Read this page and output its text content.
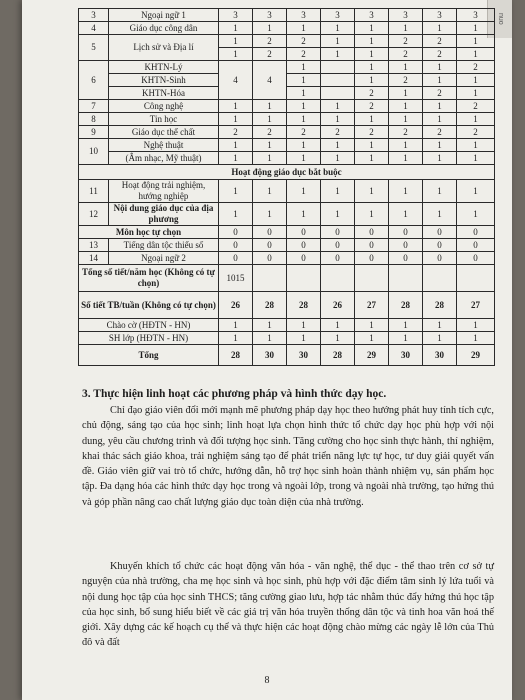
nuo
3	Ngoại ngữ 1	3	3	3	3	3	3	3	3
4	Giáo dục công dân	1	1	1	1	1	1	1	1
5	Lịch sử và Địa lí	1	2	2	1	1	2	2	1
		1	2	2	1	1	2	2	1
6	KHTN-Lý	4	4	1		1	1	1	2
	KHTN-Sinh			1		1	2	1	1
	KHTN-Hóa			1		2	1	2	1
7	Công nghệ	1	1	1	1	2	1	1	2
8	Tin học	1	1	1	1	1	1	1	1
9	Giáo dục thể chất	2	2	2	2	2	2	2	2
10	Nghệ thuật	1	1	1	1	1	1	1	1
	(Âm nhạc, Mỹ thuật)	1	1	1	1	1	1	1	1
Hoạt động giáo dục bắt buộc									
11	Hoạt động trải nghiệm, hướng nghiệp	1	1	1	1	1	1	1	1
12	Nội dung giáo dục của địa phương	1	1	1	1	1	1	1	1
Môn học tự chọn		0	0	0	0	0	0	0	0
13	Tiếng dân tộc thiểu số	0	0	0	0	0	0	0	0
14	Ngoại ngữ 2	0	0	0	0	0	0	0	0
Tổng số tiết/năm học (Không có tự chọn)		1015							
Số tiết TB/tuần (Không có tự chọn)		26	28	28	26	27	28	28	27
Chào cờ (HĐTN - HN)		1	1	1	1	1	1	1	1
SH lớp (HĐTN - HN)		1	1	1	1	1	1	1	1
Tổng		28	30	30	28	29	30	30	29
3. Thực hiện linh hoạt các phương pháp và hình thức dạy học.

Chỉ đạo giáo viên đổi mới mạnh mẽ phương pháp dạy học theo hướng phát huy tính tích cực, chủ động, sáng tạo của học sinh; linh hoạt lựa chọn hình thức tổ chức dạy học phù hợp với nội dung, yêu cầu chương trình và đối tượng học sinh. Tăng cường cho học sinh thực hành, thí nghiệm, khai thác sách giáo khoa, trải nghiệm sáng tạo để phát triển năng lực tự học, tư duy giải quyết vấn đề. Giáo viên giữ vai trò tổ chức, hướng dẫn, hỗ trợ học sinh hoàn thành nhiệm vụ, sản phẩm học tập. Đa dạng hóa các hình thức dạy học trong và ngoài lớp, trong và ngoài nhà trường, tạo hứng thú và góp phần nâng cao chất lượng giáo dục toàn diện của nhà trường.

Khuyến khích tổ chức các hoạt động văn hóa - văn nghệ, thể dục - thể thao trên cơ sở tự nguyện của nhà trường, cha mẹ học sinh và học sinh, phù hợp với đặc điểm tâm sinh lý lứa tuổi và nội dung học tập của học sinh THCS; tăng cường giao lưu, hợp tác nhằm thúc đẩy hứng thú học tập của học sinh, bổ sung hiểu biết về các giá trị văn hóa truyền thống dân tộc và tinh hoa văn hoá thế giới. Xây dựng các kế hoạch cụ thể và thực hiện các hoạt động chào mừng các ngày lễ lớn của Thủ đô và đất

8
